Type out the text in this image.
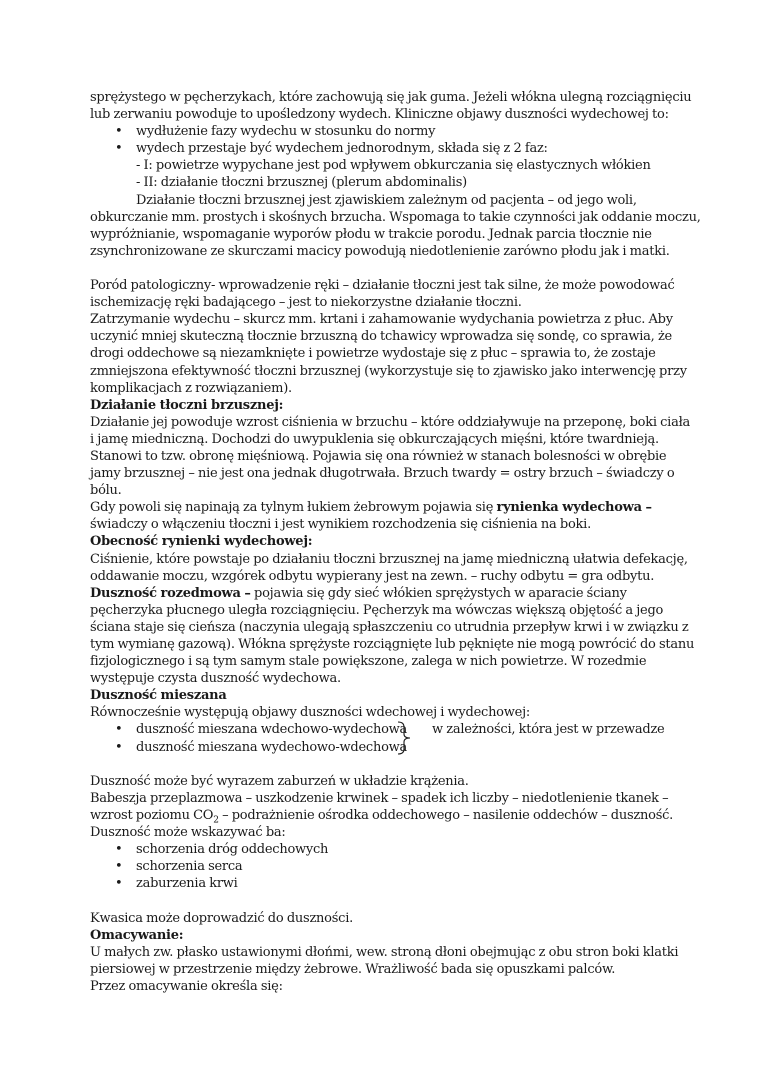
sprężystego w pęcherzykach, które zachowują się jak guma. Jeżeli włókna ulegną rozciągnięciu
lub zerwaniu powoduje to upośledzony wydech. Kliniczne objawy duszności wydechowej to:
• wydłużenie fazy wydechu w stosunku do normy
• wydech przestaje być wydechem jednorodnym, składa się z 2 faz:
- I: powietrze wypychane jest pod wpływem obkurczania się elastycznych włókien
- II: działanie tłoczni brzusznej (plerum abdominalis)
Działanie tłoczni brzusznej jest zjawiskiem zależnym od pacjenta – od jego woli,
obkurczanie mm. prostych i skośnych brzucha. Wspomaga to takie czynności jak oddanie moczu,
wypróżnianie, wspomaganie wyporów płodu w trakcie porodu. Jednak parcia tłocznie nie
zsynchronizowane ze skurczami macicy powodują niedotlenienie zarówno płodu jak i matki.
Poród patologiczny- wprowadzenie ręki – działanie tłoczni jest tak silne, że może powodować
ischemizację ręki badającego – jest to niekorzystne działanie tłoczni.
Zatrzymanie wydechu – skurcz mm. krtani i zahamowanie wydychania powietrza z płuc. Aby
uczynić mniej skuteczną tłocznie brzuszną do tchawicy wprowadza się sondę, co sprawia, że
drogi oddechowe są niezamknięte i powietrze wydostaje się z płuc – sprawia to, że zostaje
zmniejszona efektywność tłoczni brzusznej (wykorzystuje się to zjawisko jako interwencję przy
komplikacjach z rozwiązaniem).
Działanie tłoczni brzusznej:
Działanie jej powoduje wzrost ciśnienia w brzuchu – które oddziaływuje na przeponę, boki ciała
i jamę miedniczną. Dochodzi do uwypuklenia się obkurczających mięśni, które twardnieją.
Stanowi to tzw. obronę mięśniową. Pojawia się ona również w stanach bolesności w obrębie
jamy brzusznej – nie jest ona jednak długotrwała. Brzuch twardy = ostry brzuch – świadczy o
bólu.
Gdy powoli się napinają za tylnym łukiem żebrowym pojawia się rynienka wydechowa –
świadczy o włączeniu tłoczni i jest wynikiem rozchodzenia się ciśnienia na boki.
Obecność rynienki wydechowej:
Ciśnienie, które powstaje po działaniu tłoczni brzusznej na jamę miedniczną ułatwia defekację,
oddawanie moczu, wzgórek odbytu wypierany jest na zewn. – ruchy odbytu = gra odbytu.
Duszność rozedmowa – pojawia się gdy sieć włókien sprężystych w aparacie ściany
pęcherzyka płucnego uległa rozciągnięciu. Pęcherzyk ma wówczas większą objętość a jego
ściana staje się cieńsza (naczynia ulegają spłaszczeniu co utrudnia przepływ krwi i w związku z
tym wymianę gazową). Włókna sprężyste rozciągnięte lub pęknięte nie mogą powrócić do stanu
fizjologicznego i są tym samym stale powiększone, zalega w nich powietrze. W rozedmie
występuje czysta duszność wydechowa.
Duszność mieszana
Równocześnie występują objawy duszności wdechowej i wydechowej:
• duszność mieszana wdechowo-wydechowa
• duszność mieszana wydechowo-wdechowa
w zależności, która jest w przewadze
Duszność może być wyrazem zaburzeń w układzie krążenia.
Babeszja przeplazmowa – uszkodzenie krwinek – spadek ich liczby – niedotlenienie tkanek –
wzrost poziomu $CO_2$ – podrażnienie ośrodka oddechowego – nasilenie oddechów – duszność.
Duszność może wskazywać ba:
• schorzenia dróg oddechowych
• schorzenia serca
• zaburzenia krwi
Kwasica może doprowadzić do duszności.
Omacywanie:
U małych zw. płasko ustawionymi dłońmi, wew. stroną dłoni obejmując z obu stron boki klatki
piersiowej w przestrzenie między żebrowe. Wrażliwość bada się opuszkami palców.
Przez omacywanie określa się:
